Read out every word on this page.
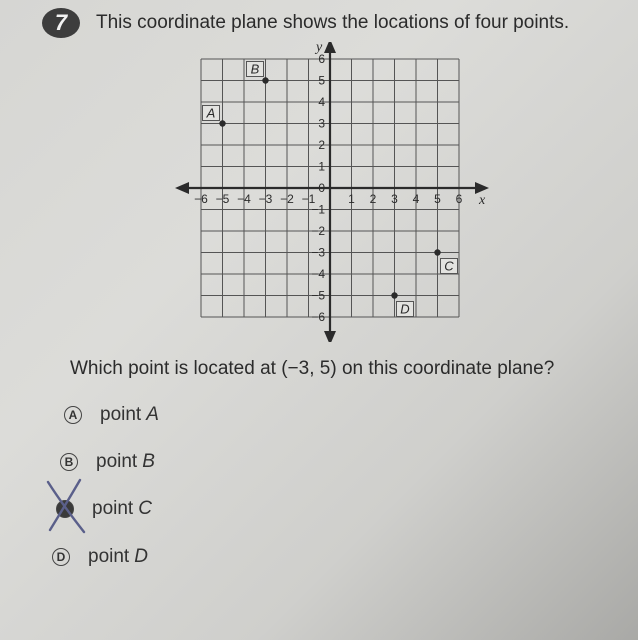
7	This coordinate plane shows the locations of four points.
−6
−6
−5
−5
−4
−4
−3
−3
−2
−2
−1
−1
1
1
2
2
3
3
4
4
5
5
6
6
0
x
y
A
B
C
D
Which point is located at (−3, 5) on this coordinate plane?
A point A
B point B
C point C
D point D
